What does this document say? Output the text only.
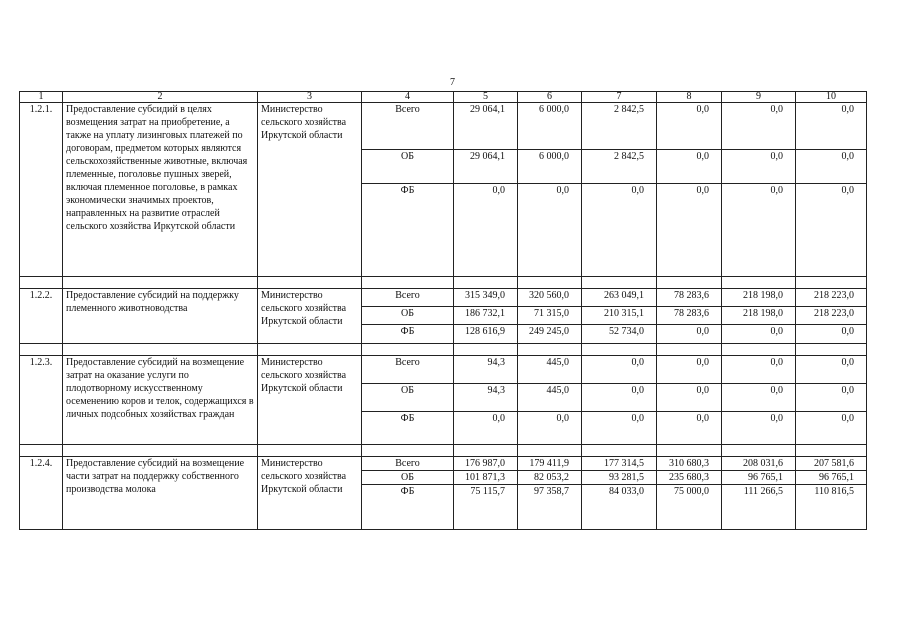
7
1	2	3	4	5	6	7	8	9	10
1.2.1.	Предоставление субсидий в целях возмещения затрат на приобретение, а также на уплату лизинговых платежей по договорам, предметом которых являются сельскохозяйственные животные, включая племенные, поголовье пушных зверей, включая племенное поголовье, в рамках экономически значимых проектов, направленных на развитие отраслей сельского хозяйства Иркутской области	Министерство сельского хозяйства Иркутской области	Всего	29 064,1	6 000,0	2 842,5	0,0	0,0	0,0
			ОБ	29 064,1	6 000,0	2 842,5	0,0	0,0	0,0
			ФБ	0,0	0,0	0,0	0,0	0,0	0,0

1.2.2.	Предоставление субсидий на поддержку племенного животноводства	Министерство сельского хозяйства Иркутской области	Всего	315 349,0	320 560,0	263 049,1	78 283,6	218 198,0	218 223,0
			ОБ	186 732,1	71 315,0	210 315,1	78 283,6	218 198,0	218 223,0
			ФБ	128 616,9	249 245,0	52 734,0	0,0	0,0	0,0

1.2.3.	Предоставление субсидий на возмещение затрат на оказание услуги по плодотворному искусственному осеменению коров и телок, содержащихся в личных подсобных хозяйствах граждан	Министерство сельского хозяйства Иркутской области	Всего	94,3	445,0	0,0	0,0	0,0	0,0
			ОБ	94,3	445,0	0,0	0,0	0,0	0,0
			ФБ	0,0	0,0	0,0	0,0	0,0	0,0

1.2.4.	Предоставление субсидий на возмещение части затрат на поддержку собственного производства молока	Министерство сельского хозяйства Иркутской области	Всего	176 987,0	179 411,9	177 314,5	310 680,3	208 031,6	207 581,6
			ОБ	101 871,3	82 053,2	93 281,5	235 680,3	96 765,1	96 765,1
			ФБ	75 115,7	97 358,7	84 033,0	75 000,0	111 266,5	110 816,5
